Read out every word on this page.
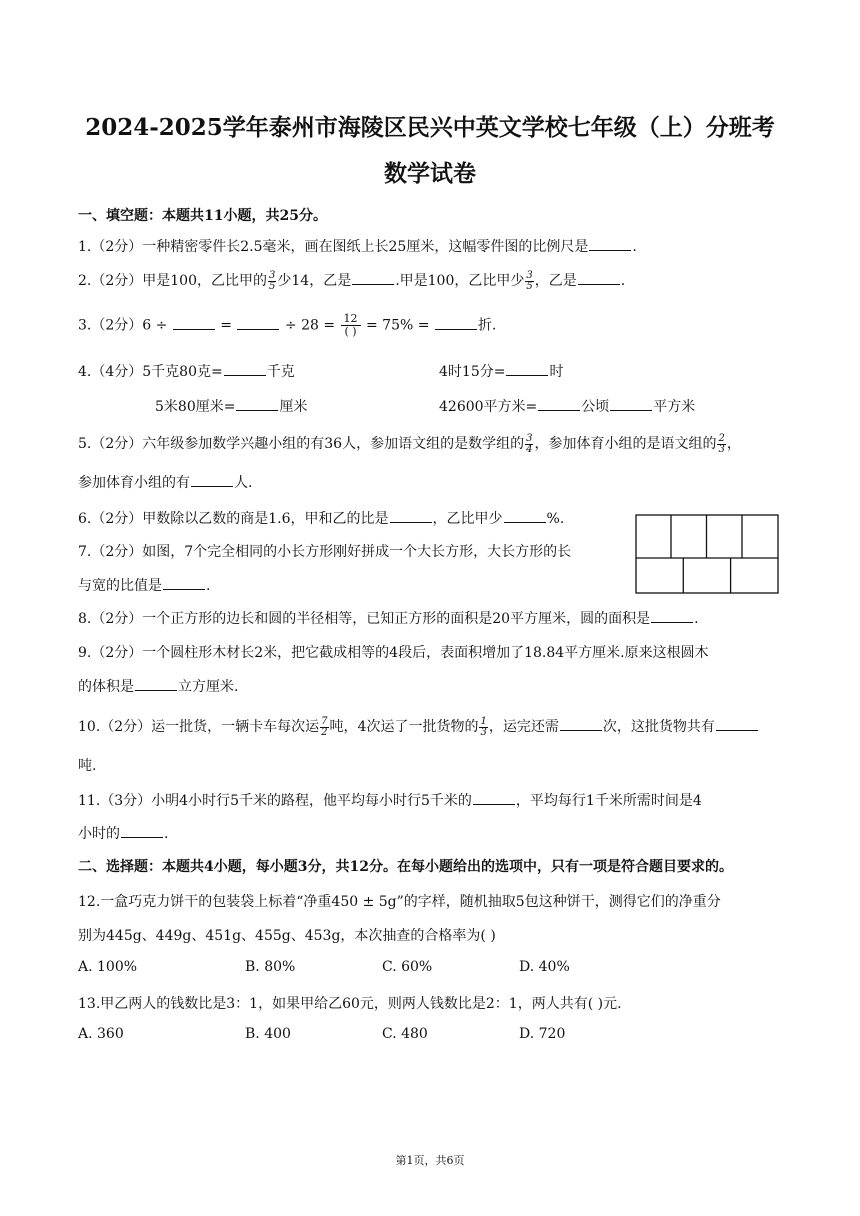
2024-2025学年泰州市海陵区民兴中英文学校七年级（上）分班考
数学试卷
一、填空题：本题共11小题，共25分。
1.（2分）一种精密零件长2.5毫米，画在图纸上长25厘米，这幅零件图的比例尺是	.
2.（2分）甲是100，乙比甲的 $\frac{3}{5}$ 少14，乙是	.甲是100，乙比甲少 $\frac{3}{5}$ ，乙是	.
3.（2分）6 ÷	=	÷ $28 = \frac{12}{( )} = 75\%$ =	折.
4.（4分）5千克80克=	千克	4时15分=	时
5米80厘米=	厘米	42600平方米=	公顷	平方米
5.（2分）六年级参加数学兴趣小组的有36人，参加语文组的是数学组的 $\frac{3}{4}$ ，参加体育小组的是语文组的 $\frac{2}{3}$ ，
参加体育小组的有	人.
6.（2分）甲数除以乙数的商是1.6，甲和乙的比是	，乙比甲少	%.
7.（2分）如图，7个完全相同的小长方形刚好拼成一个大长方形，大长方形的长
与宽的比值是	.
8.（2分）一个正方形的边长和圆的半径相等，已知正方形的面积是20平方厘米，圆的面积是	.
9.（2分）一个圆柱形木材长2米，把它截成相等的4段后，表面积增加了18.84平方厘米.原来这根圆木
的体积是	立方厘米.
10.（2分）运一批货，一辆卡车每次运 $\frac{7}{2}$ 吨，4次运了一批货物的 $\frac{1}{3}$ ，运完还需	次，这批货物共有
吨.
11.（3分）小明4小时行5千米的路程，他平均每小时行5千米的	，平均每行1千米所需时间是4
小时的	.
二、选择题：本题共4小题，每小题3分，共12分。在每小题给出的选项中，只有一项是符合题目要求的。
12.一盒巧克力饼干的包装袋上标着“净重450 ± 5g”的字样，随机抽取5包这种饼干，测得它们的净重分
别为445g、449g、451g、455g、453g，本次抽查的合格率为( )
A. 100%	B. 80%	C. 60%	D. 40%
13.甲乙两人的钱数比是3：1，如果甲给乙60元，则两人钱数比是2：1，两人共有( )元.
A. 360	B. 400	C. 480	D. 720
第1页，共6页
